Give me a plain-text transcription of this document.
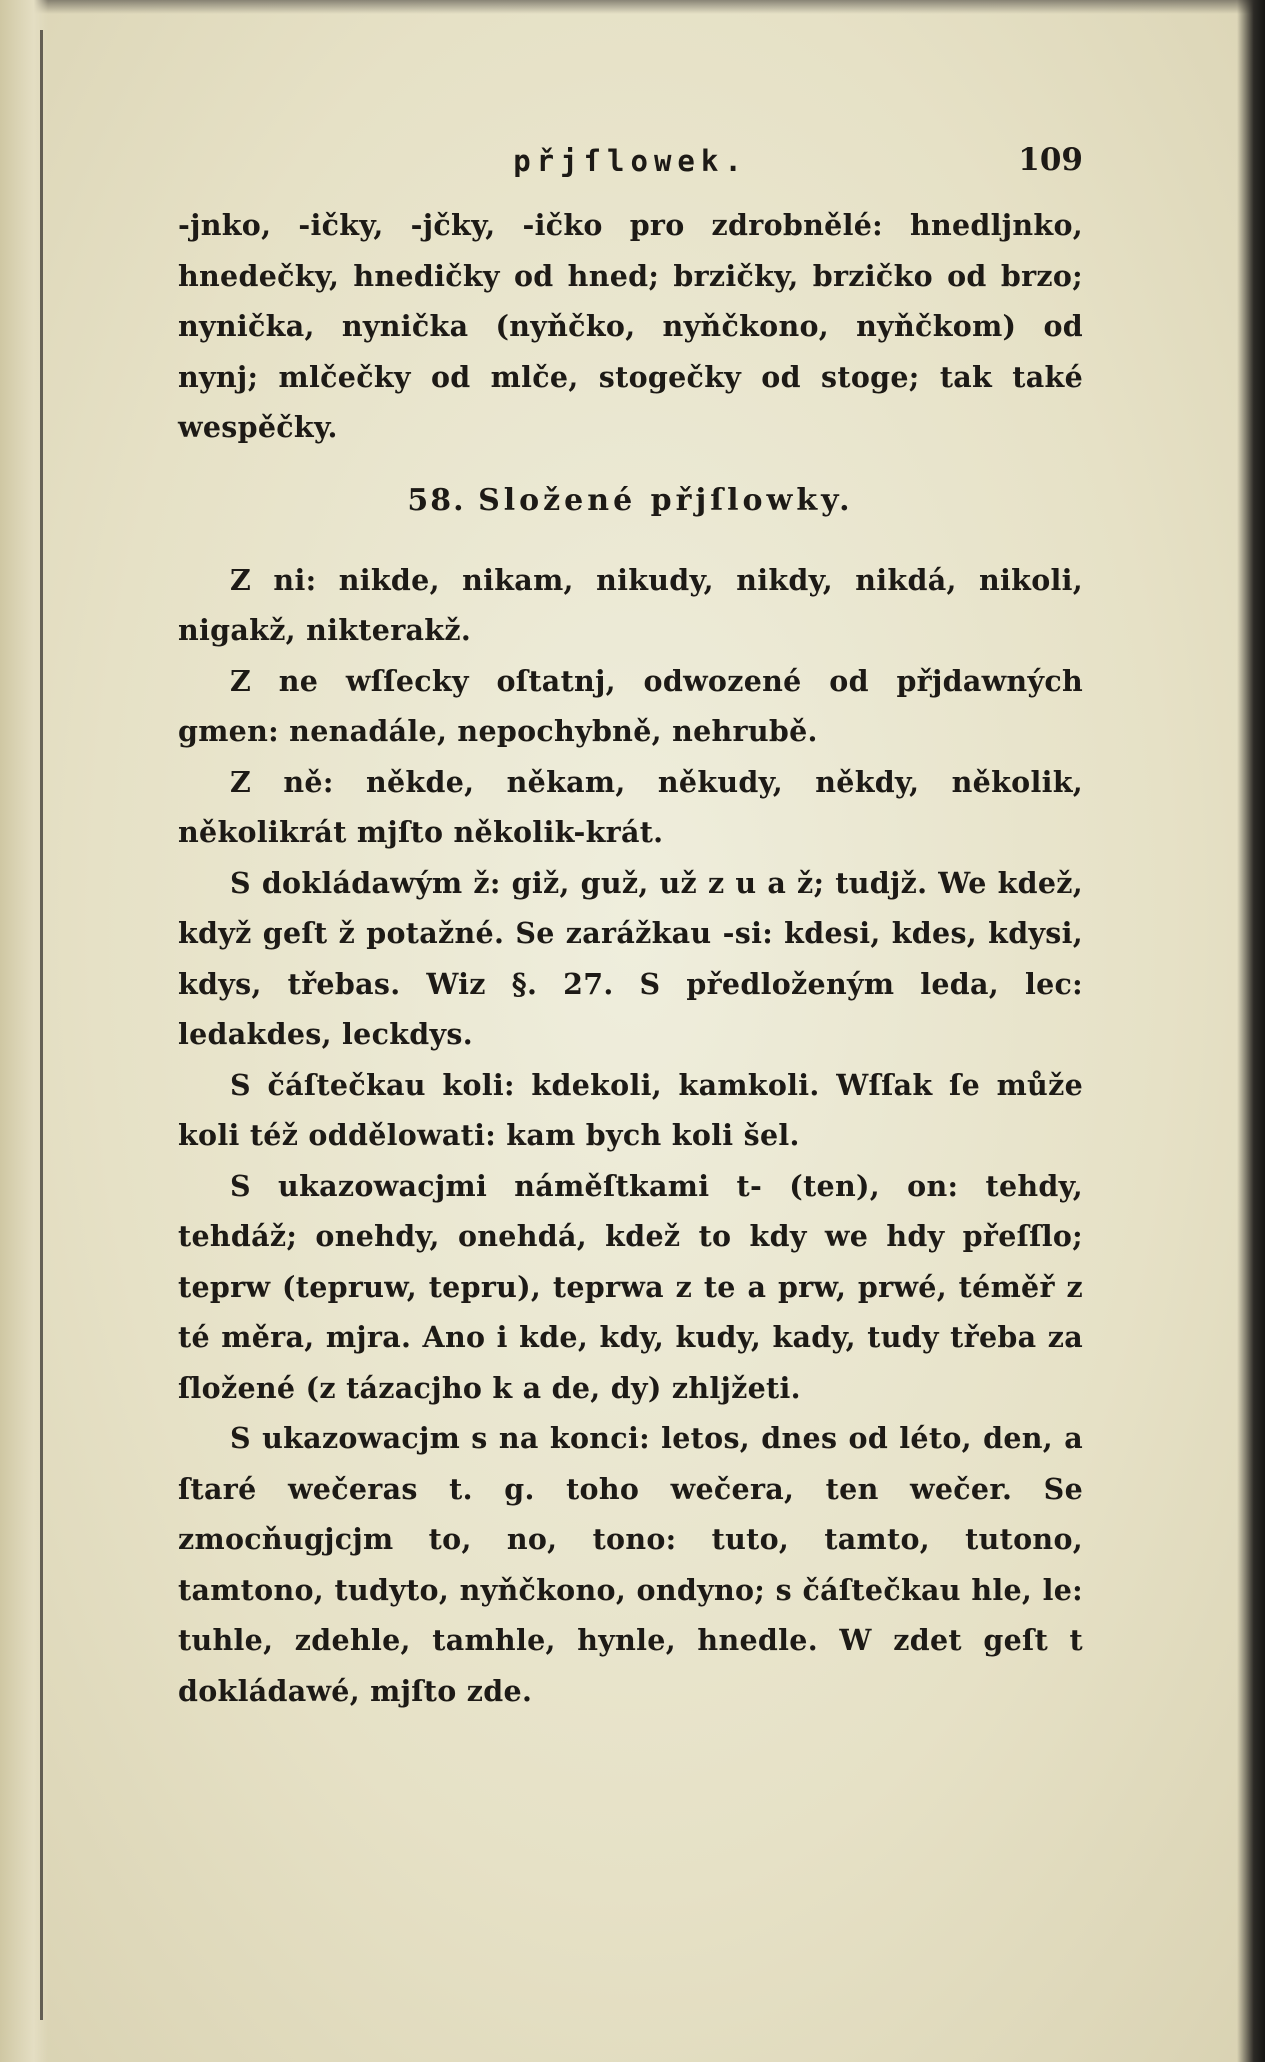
přjſlowek.	109

-jnko, -ičky, -jčky, -ičko pro zdrobnělé: hnedljnko, hnedečky, hnedičky od hned; brzičky, brzičko od brzo; nynička, nynička (nyňčko, nyňčkono, nyňčkom) od nynj; mlčečky od mlče, stogečky od stoge; tak také wespěčky.

58. Složené přjſlowky.

Z ni: nikde, nikam, nikudy, nikdy, nikdá, nikoli, nigakž, nikterakž.

Z ne wſſecky oſtatnj, odwozené od přjdawných gmen: nenadále, nepochybně, nehrubě.

Z ně: někde, někam, někudy, někdy, několik, několikrát mjſto několik-krát.

S dokládawým ž: giž, guž, už z u a ž; tudjž. We kdež, když geſt ž potažné. Se zarážkau -si: kdesi, kdes, kdysi, kdys, třebas. Wiz §. 27. S předloženým leda, lec: ledakdes, leckdys.

S čáſtečkau koli: kdekoli, kamkoli. Wſſak ſe může koli též oddělowati: kam bych koli šel.

S ukazowacjmi náměſtkami t- (ten), on: tehdy, tehdáž; onehdy, onehdá, kdež to kdy we hdy přeſſlo; teprw (tepruw, tepru), teprwa z te a prw, prwé, téměř z té měra, mjra. Ano i kde, kdy, kudy, kady, tudy třeba za ſložené (z tázacjho k a de, dy) zhljžeti.

S ukazowacjm s na konci: letos, dnes od léto, den, a ſtaré wečeras t. g. toho wečera, ten wečer. Se zmocňugjcjm to, no, tono: tuto, tamto, tutono, tamtono, tudyto, nyňčkono, ondyno; s čáſtečkau hle, le: tuhle, zdehle, tamhle, hynle, hnedle. W zdet geſt t dokládawé, mjſto zde.
